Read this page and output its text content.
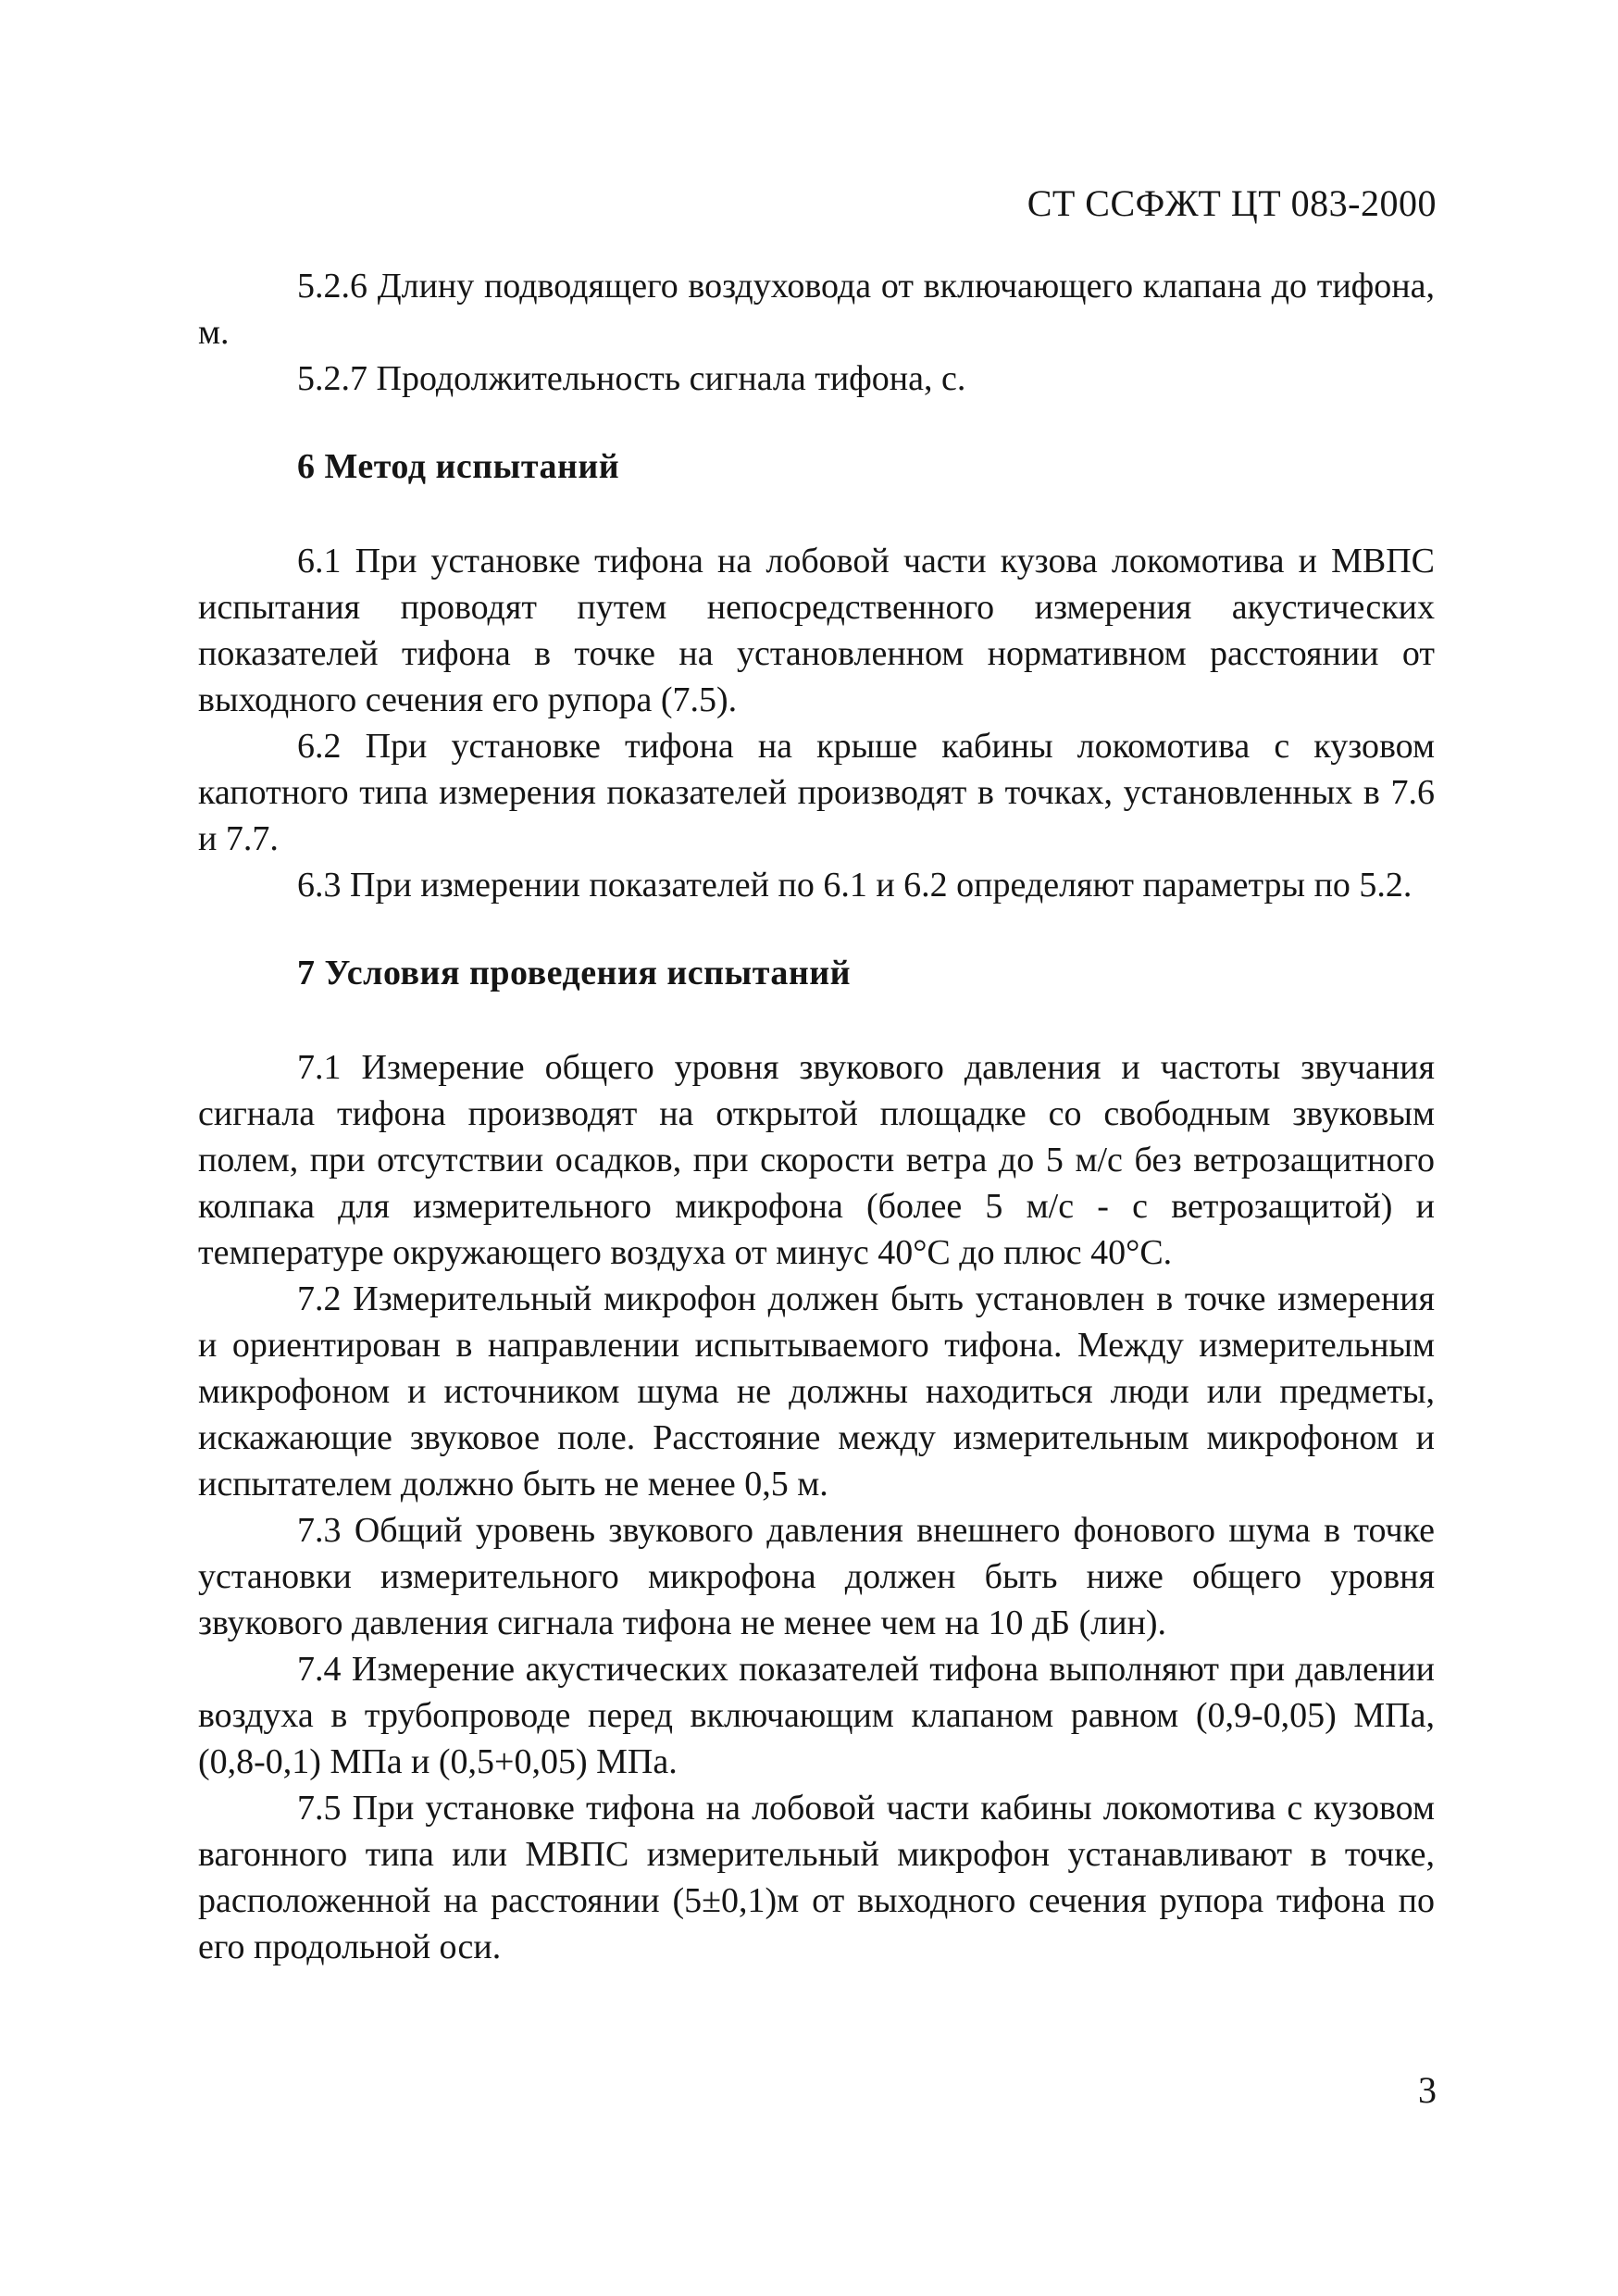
СТ ССФЖТ ЦТ 083-2000

5.2.6 Длину подводящего воздуховода от включающего клапана до тифона, м.

5.2.7 Продолжительность сигнала тифона, с.

6 Метод испытаний

6.1 При установке тифона на лобовой части кузова локомотива и МВПС испытания проводят путем непосредственного измерения акустических показателей тифона в точке на установленном нормативном расстоянии от выходного сечения его рупора (7.5).

6.2 При установке тифона на крыше кабины локомотива с кузовом капотного типа измерения показателей производят в точках, установленных в 7.6 и 7.7.

6.3 При измерении показателей по 6.1 и 6.2 определяют параметры по 5.2.

7 Условия проведения испытаний

7.1 Измерение общего уровня звукового давления и частоты звучания сигнала тифона производят на открытой площадке со свободным звуковым полем, при отсутствии осадков, при скорости ветра до 5 м/с без ветрозащитного колпака для измерительного микрофона (более 5 м/с - с ветрозащитой) и температуре окружающего воздуха от минус 40°С до плюс 40°С.

7.2 Измерительный микрофон должен быть установлен в точке измерения и ориентирован в направлении испытываемого тифона. Между измерительным микрофоном и источником шума не должны находиться люди или предметы, искажающие звуковое поле. Расстояние между измерительным микрофоном и испытателем должно быть не менее 0,5 м.

7.3 Общий уровень звукового давления внешнего фонового шума в точке установки измерительного микрофона должен быть ниже общего уровня звукового давления сигнала тифона не менее чем на 10 дБ (лин).

7.4 Измерение акустических показателей тифона выполняют при давлении воздуха в трубопроводе перед включающим клапаном равном (0,9-0,05) МПа, (0,8-0,1) МПа и (0,5+0,05) МПа.

7.5 При установке тифона на лобовой части кабины локомотива с кузовом вагонного типа или МВПС измерительный микрофон устанавливают в точке, расположенной на расстоянии (5±0,1)м от выходного сечения рупора тифона по его продольной оси.

3
